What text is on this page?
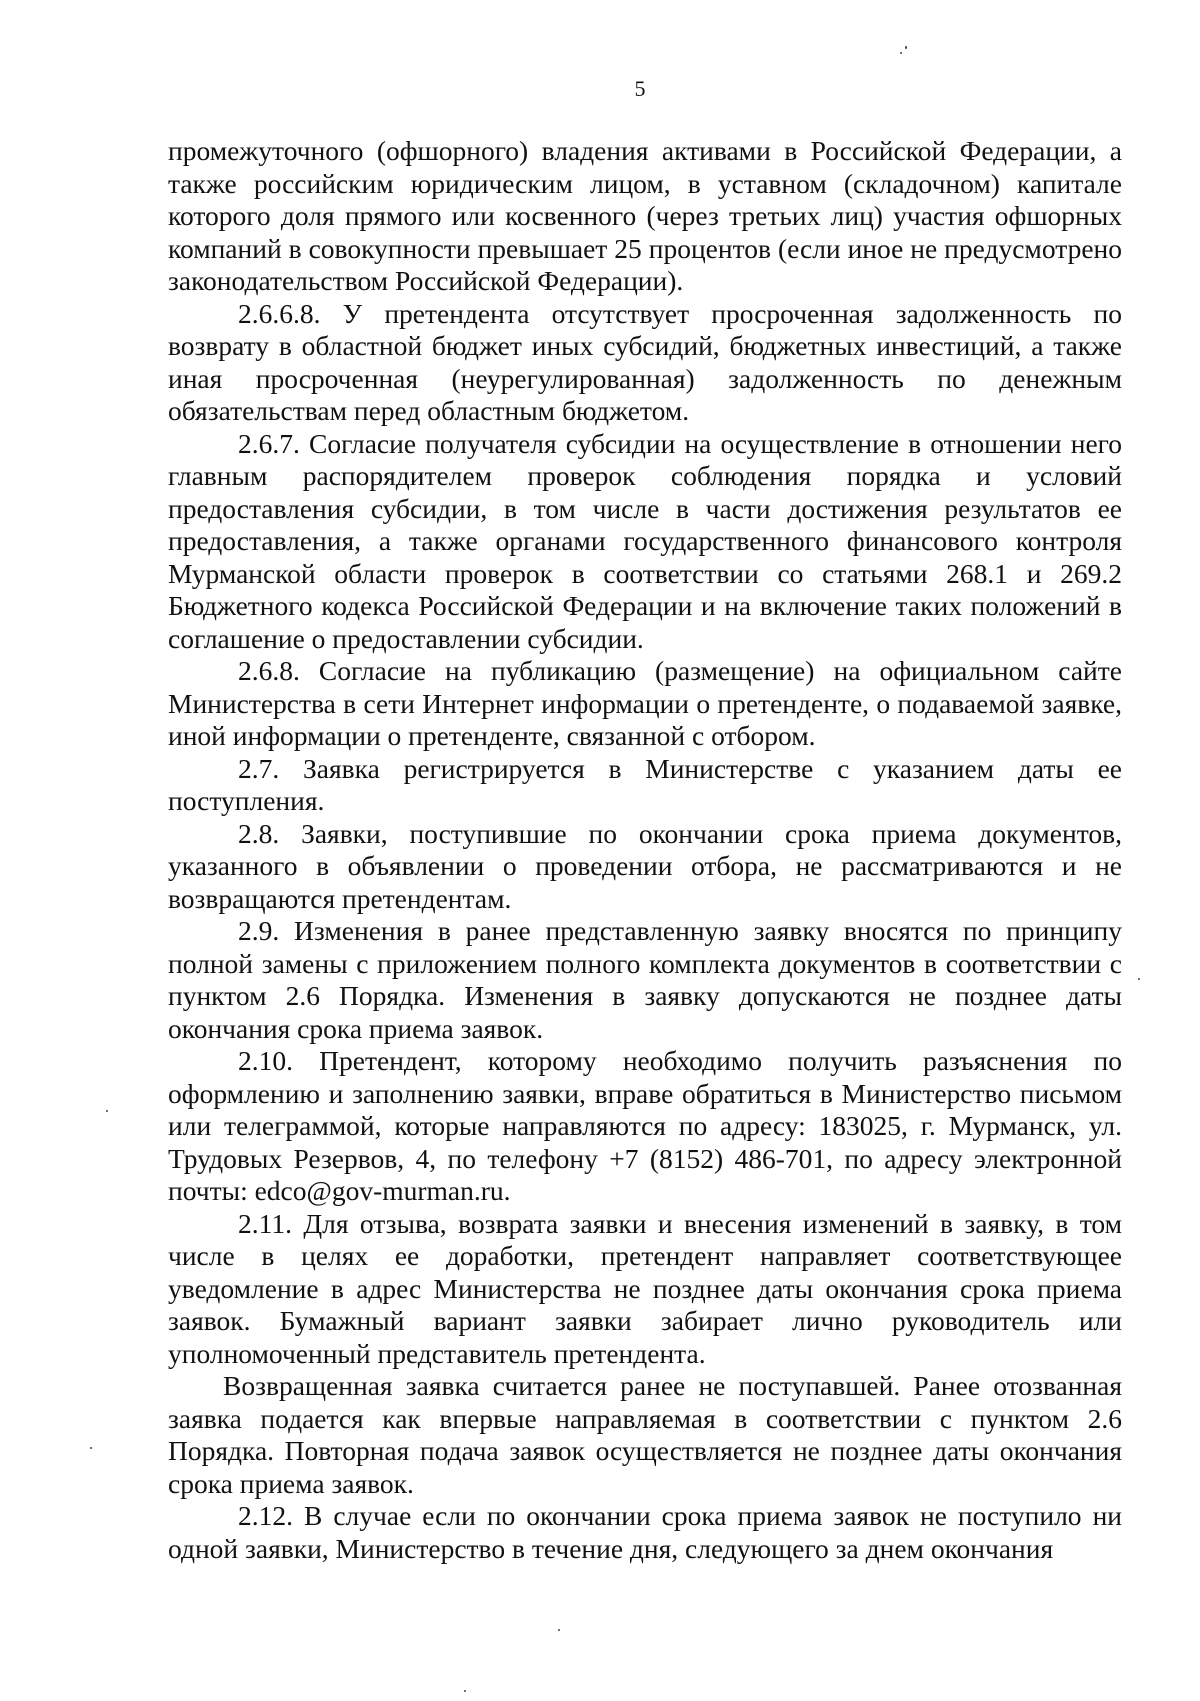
5

промежуточного (офшорного) владения активами в Российской Федерации, а также российским юридическим лицом, в уставном (складочном) капитале которого доля прямого или косвенного (через третьих лиц) участия офшорных компаний в совокупности превышает 25 процентов (если иное не предусмотрено законодательством Российской Федерации).

2.6.6.8. У претендента отсутствует просроченная задолженность по возврату в областной бюджет иных субсидий, бюджетных инвестиций, а также иная просроченная (неурегулированная) задолженность по денежным обязательствам перед областным бюджетом.

2.6.7. Согласие получателя субсидии на осуществление в отношении него главным распорядителем проверок соблюдения порядка и условий предоставления субсидии, в том числе в части достижения результатов ее предоставления, а также органами государственного финансового контроля Мурманской области проверок в соответствии со статьями 268.1 и 269.2 Бюджетного кодекса Российской Федерации и на включение таких положений в соглашение о предоставлении субсидии.

2.6.8. Согласие на публикацию (размещение) на официальном сайте Министерства в сети Интернет информации о претенденте, о подаваемой заявке, иной информации о претенденте, связанной с отбором.

2.7. Заявка регистрируется в Министерстве с указанием даты ее поступления.

2.8. Заявки, поступившие по окончании срока приема документов, указанного в объявлении о проведении отбора, не рассматриваются и не возвращаются претендентам.

2.9. Изменения в ранее представленную заявку вносятся по принципу полной замены с приложением полного комплекта документов в соответствии с пунктом 2.6 Порядка. Изменения в заявку допускаются не позднее даты окончания срока приема заявок.

2.10. Претендент, которому необходимо получить разъяснения по оформлению и заполнению заявки, вправе обратиться в Министерство письмом или телеграммой, которые направляются по адресу: 183025, г. Мурманск, ул. Трудовых Резервов, 4, по телефону +7 (8152) 486-701, по адресу электронной почты: edco@gov-murman.ru.

2.11. Для отзыва, возврата заявки и внесения изменений в заявку, в том числе в целях ее доработки, претендент направляет соответствующее уведомление в адрес Министерства не позднее даты окончания срока приема заявок. Бумажный вариант заявки забирает лично руководитель или уполномоченный представитель претендента.

Возвращенная заявка считается ранее не поступавшей. Ранее отозванная заявка подается как впервые направляемая в соответствии с пунктом 2.6 Порядка. Повторная подача заявок осуществляется не позднее даты окончания срока приема заявок.

2.12. В случае если по окончании срока приема заявок не поступило ни одной заявки, Министерство в течение дня, следующего за днем окончания
